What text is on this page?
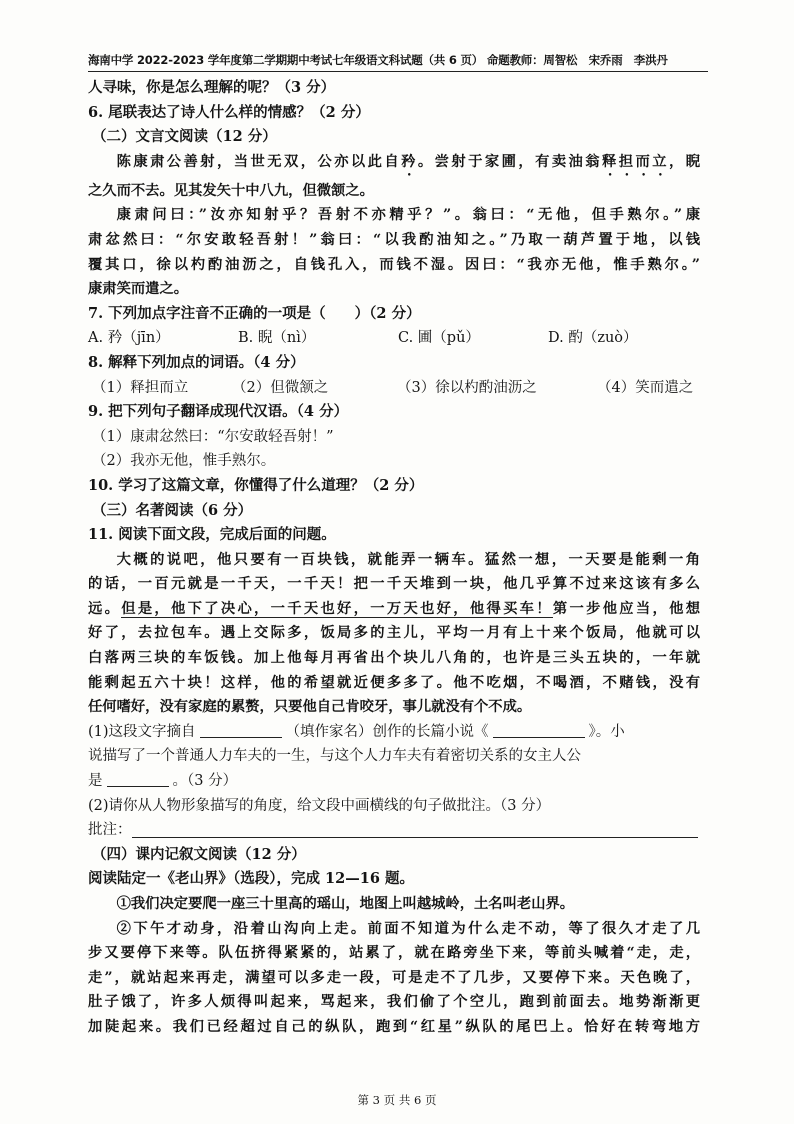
海南中学 2022-2023 学年度第二学期期中考试七年级语文科试题（共 6 页） 命题教师：周智松　宋乔雨　李洪丹

人寻味，你是怎么理解的呢？（3 分）

6. 尾联表达了诗人什么样的情感？（2 分）

（二）文言文阅读（12 分）

陈康肃公善射，当世无双，公亦以此自矜。尝射于家圃，有卖油翁释担而立，睨

之久而不去。见其发矢十中八九，但微颔之。

康肃问曰：”汝亦知射乎？吾射不亦精乎？”。翁曰：“无他，但手熟尔。”康

肃忿然曰：“尔安敢轻吾射！”翁曰：“以我酌油知之。”乃取一葫芦置于地，以钱

覆其口，徐以杓酌油沥之，自钱孔入，而钱不湿。因曰：“我亦无他，惟手熟尔。”

康肃笑而遣之。

7. 下列加点字注音不正确的一项是（　　）（2 分）

A. 矜（jīn）	B. 睨（nì）	C. 圃（pǔ）	D. 酌（zuò）

8. 解释下列加点的词语。（4 分）

（1）释担而立	（2）但微颔之	（3）徐以杓酌油沥之	（4）笑而遣之

9. 把下列句子翻译成现代汉语。（4 分）

（1）康肃忿然曰：“尔安敢轻吾射！”

（2）我亦无他，惟手熟尔。

10. 学习了这篇文章，你懂得了什么道理？（2 分）

（三）名著阅读（6 分）

11. 阅读下面文段，完成后面的问题。

大概的说吧，他只要有一百块钱，就能弄一辆车。猛然一想，一天要是能剩一角

的话，一百元就是一千天，一千天！把一千天堆到一块，他几乎算不过来这该有多么

远。但是，他下了决心，一千天也好，一万天也好，他得买车！第一步他应当，他想

好了，去拉包车。遇上交际多，饭局多的主儿，平均一月有上十来个饭局，他就可以

白落两三块的车饭钱。加上他每月再省出个块儿八角的，也许是三头五块的，一年就

能剩起五六十块！这样，他的希望就近便多多了。他不吃烟，不喝酒，不赌钱，没有

任何嗜好，没有家庭的累赘，只要他自己肯咬牙，事儿就没有个不成。

(1)这段文字摘自	（填作家名）创作的长篇小说《	》。小

说描写了一个普通人力车夫的一生，与这个人力车夫有着密切关系的女主人公

是	。（3 分）

(2)请你从人物形象描写的角度，给文段中画横线的句子做批注。（3 分）

批注：

（四）课内记叙文阅读（12 分）

阅读陆定一《老山界》（选段），完成 12—16 题。

①我们决定要爬一座三十里高的瑶山，地图上叫越城岭，土名叫老山界。

②下午才动身，沿着山沟向上走。前面不知道为什么走不动，等了很久才走了几

步又要停下来等。队伍挤得紧紧的，站累了，就在路旁坐下来，等前头喊着“走，走，

走”，就站起来再走，满望可以多走一段，可是走不了几步，又要停下来。天色晚了，

肚子饿了，许多人烦得叫起来，骂起来，我们偷了个空儿，跑到前面去。地势渐渐更

加陡起来。我们已经超过自己的纵队，跑到“红星”纵队的尾巴上。恰好在转弯地方

第 3 页 共 6 页
